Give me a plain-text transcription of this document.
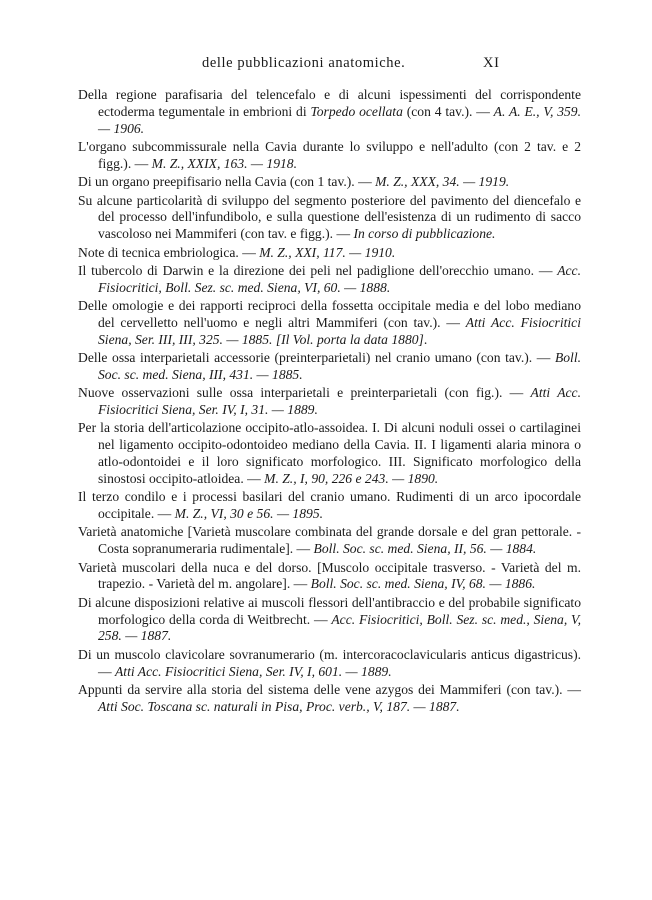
delle pubblicazioni anatomiche.	XI

Della regione parafisaria del telencefalo e di alcuni ispessimenti del corrispondente ectoderma tegumentale in embrioni di Torpedo ocellata (con 4 tav.). — A. A. E., V, 359. — 1906.

L'organo subcommissurale nella Cavia durante lo sviluppo e nell'adulto (con 2 tav. e 2 figg.). — M. Z., XXIX, 163. — 1918.

Di un organo preepifisario nella Cavia (con 1 tav.). — M. Z., XXX, 34. — 1919.

Su alcune particolarità di sviluppo del segmento posteriore del pavimento del diencefalo e del processo dell'infundibolo, e sulla questione dell'esistenza di un rudimento di sacco vascoloso nei Mammiferi (con tav. e figg.). — In corso di pubblicazione.

Note di tecnica embriologica. — M. Z., XXI, 117. — 1910.

Il tubercolo di Darwin e la direzione dei peli nel padiglione dell'orecchio umano. — Acc. Fisiocritici, Boll. Sez. sc. med. Siena, VI, 60. — 1888.

Delle omologie e dei rapporti reciproci della fossetta occipitale media e del lobo mediano del cervelletto nell'uomo e negli altri Mammiferi (con tav.). — Atti Acc. Fisiocritici Siena, Ser. III, III, 325. — 1885. [Il Vol. porta la data 1880].

Delle ossa interparietali accessorie (preinterparietali) nel cranio umano (con tav.). — Boll. Soc. sc. med. Siena, III, 431. — 1885.

Nuove osservazioni sulle ossa interparietali e preinterparietali (con fig.). — Atti Acc. Fisiocritici Siena, Ser. IV, I, 31. — 1889.

Per la storia dell'articolazione occipito-atlo-assoidea. I. Di alcuni noduli ossei o cartilaginei nel ligamento occipito-odontoideo mediano della Cavia. II. I ligamenti alaria minora o atlo-odontoidei e il loro significato morfologico. III. Significato morfologico della sinostosi occipito-atloidea. — M. Z., I, 90, 226 e 243. — 1890.

Il terzo condilo e i processi basilari del cranio umano. Rudimenti di un arco ipocordale occipitale. — M. Z., VI, 30 e 56. — 1895.

Varietà anatomiche [Varietà muscolare combinata del grande dorsale e del gran pettorale. - Costa sopranumeraria rudimentale]. — Boll. Soc. sc. med. Siena, II, 56. — 1884.

Varietà muscolari della nuca e del dorso. [Muscolo occipitale trasverso. - Varietà del m. trapezio. - Varietà del m. angolare]. — Boll. Soc. sc. med. Siena, IV, 68. — 1886.

Di alcune disposizioni relative ai muscoli flessori dell'antibraccio e del probabile significato morfologico della corda di Weitbrecht. — Acc. Fisiocritici, Boll. Sez. sc. med., Siena, V, 258. — 1887.

Di un muscolo clavicolare sovranumerario (m. intercoracoclavicularis anticus digastricus). — Atti Acc. Fisiocritici Siena, Ser. IV, I, 601. — 1889.

Appunti da servire alla storia del sistema delle vene azygos dei Mammiferi (con tav.). — Atti Soc. Toscana sc. naturali in Pisa, Proc. verb., V, 187. — 1887.
